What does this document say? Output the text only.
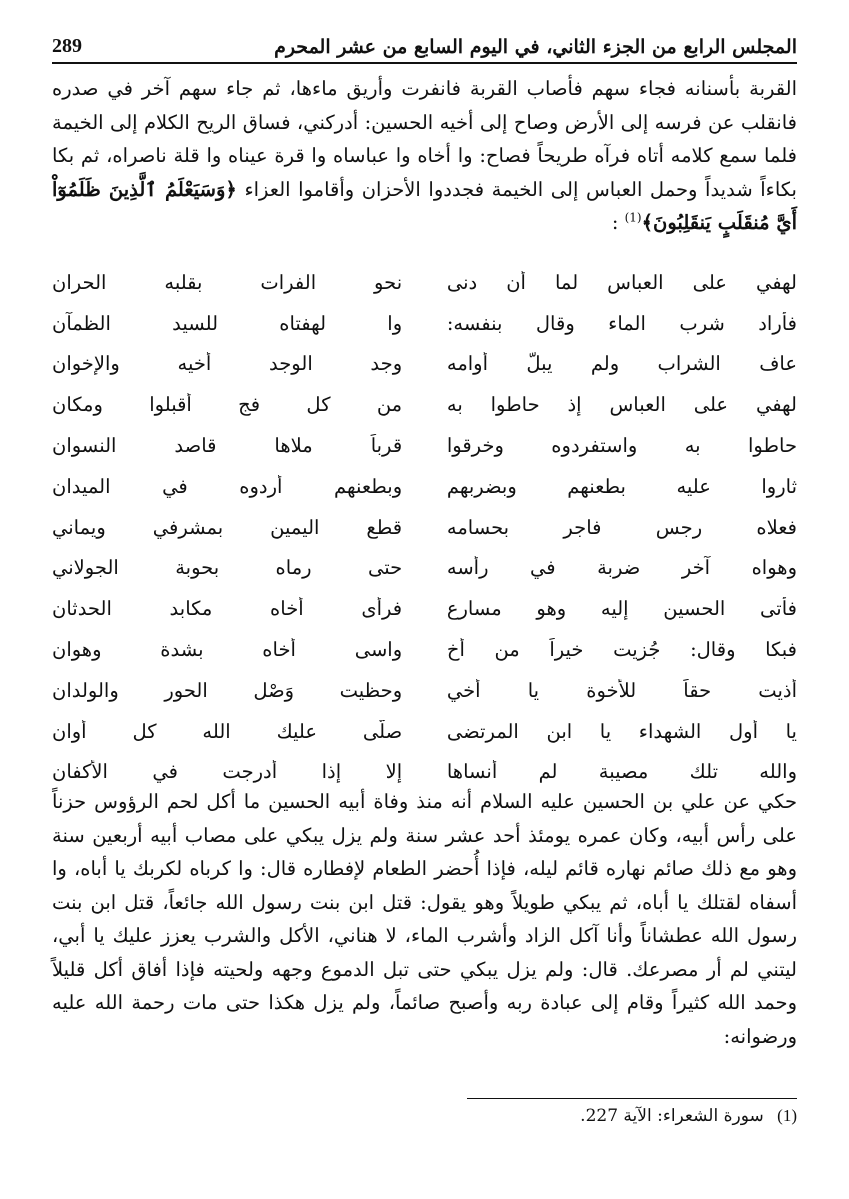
المجلس الرابع من الجزء الثاني، في اليوم السابع من عشر المحرم
289

القربة بأسنانه فجاء سهم فأصاب القربة فانفرت وأريق ماءها، ثم جاء سهم آخر في صدره فانقلب عن فرسه إلى الأرض وصاح إلى أخيه الحسين: أدركني، فساق الريح الكلام إلى الخيمة فلما سمع كلامه أتاه فرآه طريحاً فصاح: وا أخاه وا عباساه وا قرة عيناه وا قلة ناصراه، ثم بكا بكاءاً شديداً وحمل العباس إلى الخيمة فجددوا الأحزان وأقاموا العزاء ﴿وَسَيَعْلَمُ ٱلَّذِينَ ظَلَمُوٓاْ أَيَّ مُنقَلَبٍ يَنقَلِبُونَ﴾$^{(1)}$ :

لهفي على العباس لما أن دنى
نحو الفرات بقلبه الحران
فأراد شرب الماء وقال بنفسه:
وا لهفتاه للسيد الظمآن
عاف الشراب ولم يبلّ أوامه
وجد الوجد أخيه والإخوان
لهفي على العباس إذ حاطوا به
من كل فج أقبلوا ومكان
حاطوا به واستفردوه وخرقوا
قرباً ملاها قاصد النسوان
ثاروا عليه بطعنهم وبضربهم
وبطعنهم أردوه في الميدان
فعلاه رجس فاجر بحسامه
قطع اليمين بمشرفي ويماني
وهواه آخر ضربة في رأسه
حتى رماه بحوبة الجولاني
فأتى الحسين إليه وهو مسارع
فرأى أخاه مكابد الحدثان
فبكا وقال: جُزيت خيراً من أخ
واسى أخاه بشدة وهوان
أذيت حقاً للأخوة يا أخي
وحظيت وَصْل الحور والولدان
يا أول الشهداء يا ابن المرتضى
صلّى عليك الله كل أوان
والله تلك مصيبة لم أنساها
إلا إذا أُدرجت في الأكفان

حكي عن علي بن الحسين عليه السلام أنه منذ وفاة أبيه الحسين ما أكل لحم الرؤوس حزناً على رأس أبيه، وكان عمره يومئذ أحد عشر سنة ولم يزل يبكي على مصاب أبيه أربعين سنة وهو مع ذلك صائم نهاره قائم ليله، فإذا أُحضر الطعام لإفطاره قال: وا كرباه لكربك يا أباه، وا أسفاه لقتلك يا أباه، ثم يبكي طويلاً وهو يقول: قتل ابن بنت رسول الله جائعاً، قتل ابن بنت رسول الله عطشاناً وأنا آكل الزاد وأشرب الماء، لا هناني، الأكل والشرب يعزز عليك يا أبي، ليتني لم أر مصرعك. قال: ولم يزل يبكي حتى تبل الدموع وجهه ولحيته فإذا أفاق أكل قليلاً وحمد الله كثيراً وقام إلى عبادة ربه وأصبح صائماً، ولم يزل هكذا حتى مات رحمة الله عليه ورضوانه:

(1) سورة الشعراء: الآية 227.
